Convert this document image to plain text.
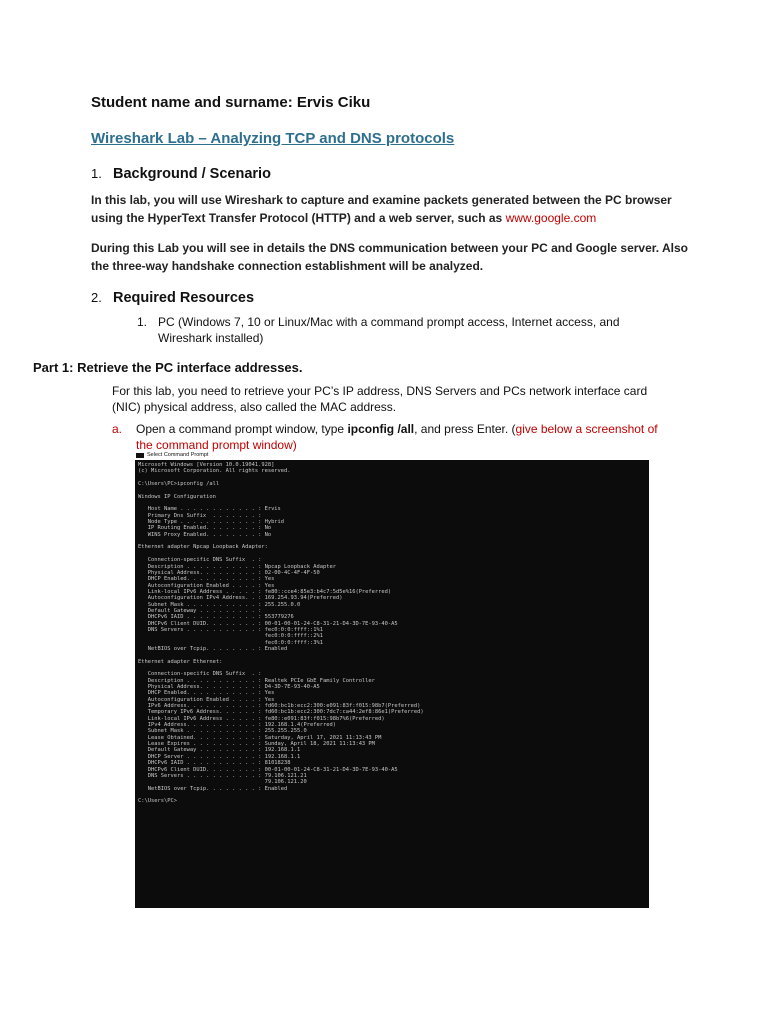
Student name and surname: Ervis Ciku
Wireshark Lab – Analyzing TCP and DNS protocols
1. Background / Scenario
In this lab, you will use Wireshark to capture and examine packets generated between the PC browser using the HyperText Transfer Protocol (HTTP) and a web server, such as www.google.com
During this Lab you will see in details the DNS communication between your PC and Google server. Also the three-way handshake connection establishment will be analyzed.
2. Required Resources
1. PC (Windows 7, 10 or Linux/Mac with a command prompt access, Internet access, and Wireshark installed)
Part 1: Retrieve the PC interface addresses.
For this lab, you need to retrieve your PC’s IP address, DNS Servers and PCs network interface card (NIC) physical address, also called the MAC address.
a. Open a command prompt window, type ipconfig /all, and press Enter. (give below a screenshot of the command prompt window)
Select Command Prompt
Microsoft Windows [Version 10.0.19041.928]
(c) Microsoft Corporation. All rights reserved.
C:\Users\PC>ipconfig /all
Windows IP Configuration
Host Name . . . . . . . . . . . . : Ervis
Primary Dns Suffix  . . . . . . . :
Node Type . . . . . . . . . . . . : Hybrid
IP Routing Enabled. . . . . . . . : No
WINS Proxy Enabled. . . . . . . . : No
Ethernet adapter Npcap Loopback Adapter:
Connection-specific DNS Suffix  . :
Description . . . . . . . . . . . : Npcap Loopback Adapter
Physical Address. . . . . . . . . : 02-00-4C-4F-4F-50
DHCP Enabled. . . . . . . . . . . : Yes
Autoconfiguration Enabled . . . . : Yes
Link-local IPv6 Address . . . . . : fe80::cce4:85e3:b4c7:5d5e%16(Preferred)
Autoconfiguration IPv4 Address. . : 169.254.93.94(Preferred)
Subnet Mask . . . . . . . . . . . : 255.255.0.0
Default Gateway . . . . . . . . . :
DHCPv6 IAID . . . . . . . . . . . : 553779276
DHCPv6 Client DUID. . . . . . . . : 00-01-00-01-24-C8-31-21-D4-3D-7E-93-40-A5
DNS Servers . . . . . . . . . . . : fec0:0:0:ffff::1%1
fec0:0:0:ffff::2%1
fec0:0:0:ffff::3%1
NetBIOS over Tcpip. . . . . . . . : Enabled
Ethernet adapter Ethernet:
Connection-specific DNS Suffix  . :
Description . . . . . . . . . . . : Realtek PCIe GbE Family Controller
Physical Address. . . . . . . . . : D4-3D-7E-93-40-A5
DHCP Enabled. . . . . . . . . . . : Yes
Autoconfiguration Enabled . . . . : Yes
IPv6 Address. . . . . . . . . . . : fd60:bc1b:ecc2:300:e091:83f:f015:98b7(Preferred)
Temporary IPv6 Address. . . . . . : fd60:bc1b:ecc2:300:7dc7:ca44:2ef8:86e1(Preferred)
Link-local IPv6 Address . . . . . : fe80::e091:83f:f015:98b7%6(Preferred)
IPv4 Address. . . . . . . . . . . : 192.168.1.4(Preferred)
Subnet Mask . . . . . . . . . . . : 255.255.255.0
Lease Obtained. . . . . . . . . . : Saturday, April 17, 2021 11:13:43 PM
Lease Expires . . . . . . . . . . : Sunday, April 18, 2021 11:13:43 PM
Default Gateway . . . . . . . . . : 192.168.1.1
DHCP Server . . . . . . . . . . . : 192.168.1.1
DHCPv6 IAID . . . . . . . . . . . : 81018238
DHCPv6 Client DUID. . . . . . . . : 00-01-00-01-24-C8-31-21-D4-3D-7E-93-40-A5
DNS Servers . . . . . . . . . . . : 79.106.121.21
79.106.121.20
NetBIOS over Tcpip. . . . . . . . : Enabled
C:\Users\PC>
